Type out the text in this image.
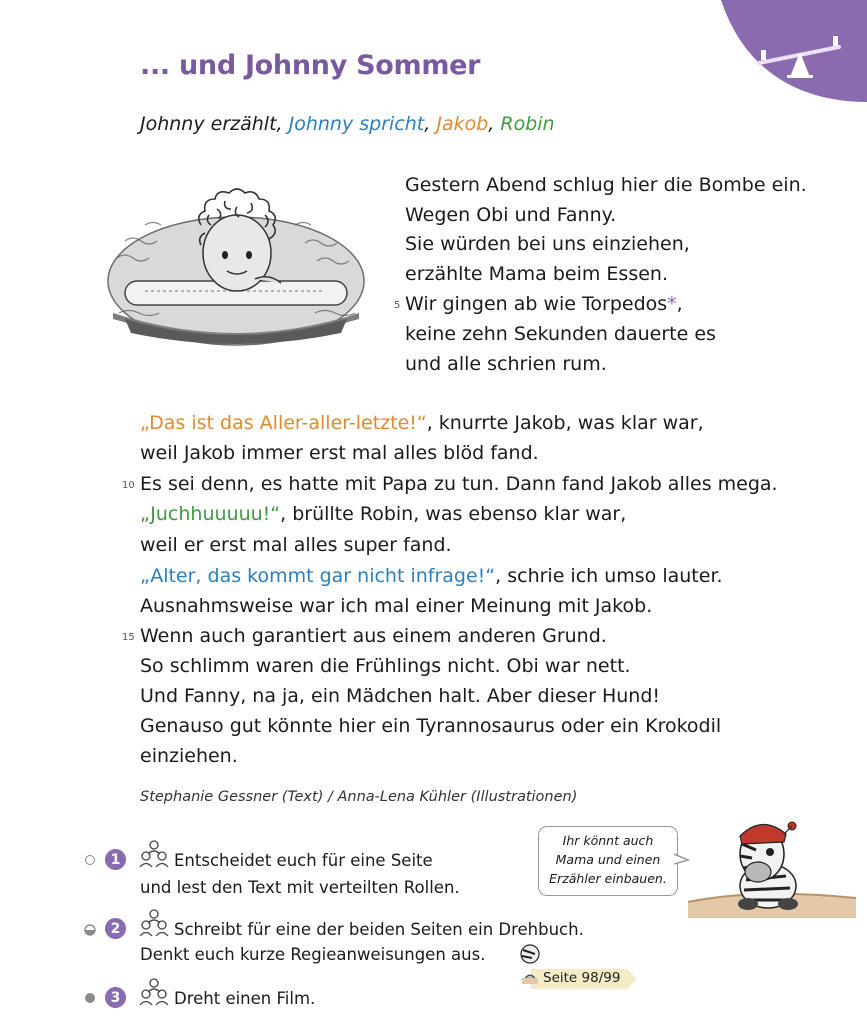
... und Johnny Sommer
Johnny erzählt, Johnny spricht, Jakob, Robin
Gestern Abend schlug hier die Bombe ein.
Wegen Obi und Fanny.
Sie würden bei uns einziehen,
erzählte Mama beim Essen.
5 Wir gingen ab wie Torpedos*,
keine zehn Sekunden dauerte es
und alle schrien rum.
„Das ist das Aller-aller-letzte!“, knurrte Jakob, was klar war,
weil Jakob immer erst mal alles blöd fand.
10 Es sei denn, es hatte mit Papa zu tun. Dann fand Jakob alles mega.
„Juchhuuuuu!“, brüllte Robin, was ebenso klar war,
weil er erst mal alles super fand.
„Alter, das kommt gar nicht infrage!“, schrie ich umso lauter.
Ausnahmsweise war ich mal einer Meinung mit Jakob.
15 Wenn auch garantiert aus einem anderen Grund.
So schlimm waren die Frühlings nicht. Obi war nett.
Und Fanny, na ja, ein Mädchen halt. Aber dieser Hund!
Genauso gut könnte hier ein Tyrannosaurus oder ein Krokodil
einziehen.
Stephanie Gessner (Text) / Anna-Lena Kühler (Illustrationen)
1	Entscheidet euch für eine Seite
und lest den Text mit verteilten Rollen.
2	Schreibt für eine der beiden Seiten ein Drehbuch.
Denkt euch kurze Regieanweisungen aus.
3	Dreht einen Film.
Ihr könnt auch
Mama und einen
Erzähler einbauen.
Seite 98/99
